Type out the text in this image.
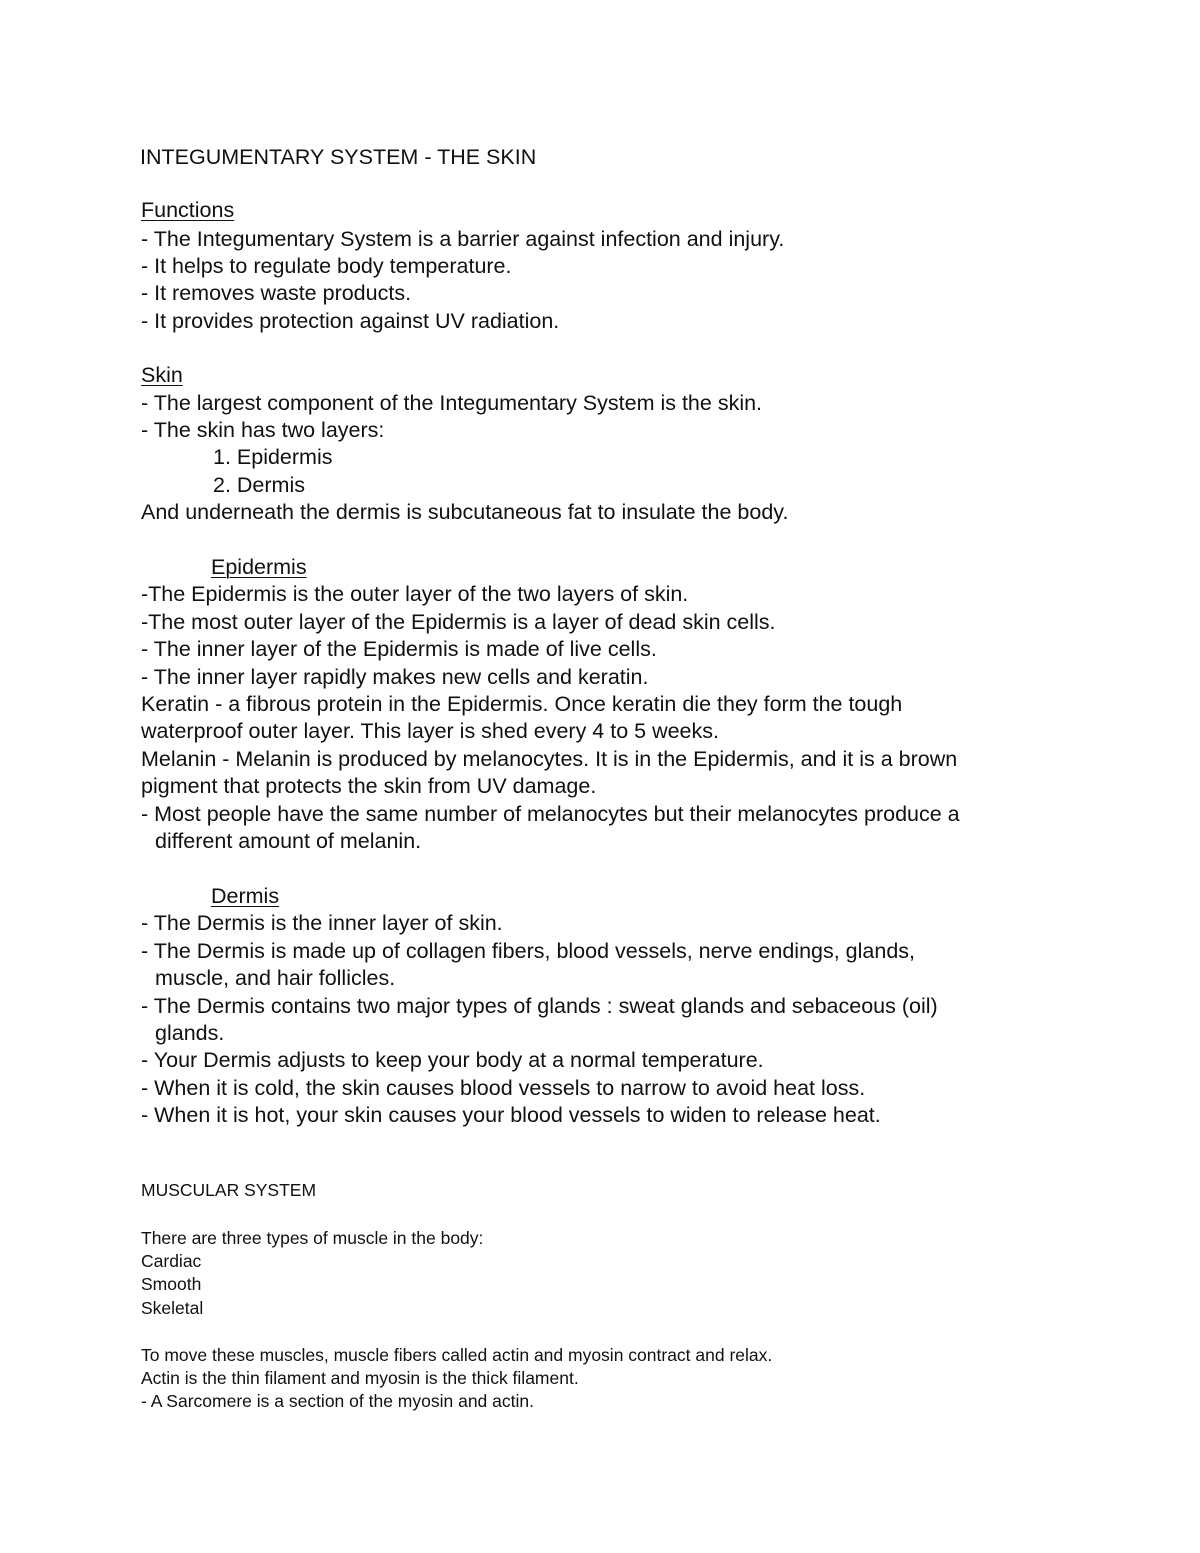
INTEGUMENTARY SYSTEM - THE SKIN
Functions
- The Integumentary System is a barrier against infection and injury.
- It helps to regulate body temperature.
- It removes waste products.
- It provides protection against UV radiation.
Skin
- The largest component of the Integumentary System is the skin.
- The skin has two layers:
1. Epidermis
2. Dermis
And underneath the dermis is subcutaneous fat to insulate the body.
Epidermis
-The Epidermis is the outer layer of the two layers of skin.
-The most outer layer of the Epidermis is a layer of dead skin cells.
- The inner layer of the Epidermis is made of live cells.
- The inner layer rapidly makes new cells and keratin.
Keratin - a fibrous protein in the Epidermis. Once keratin die they form the tough
waterproof outer layer. This layer is shed every 4 to 5 weeks.
Melanin - Melanin is produced by melanocytes. It is in the Epidermis, and it is a brown
pigment that protects the skin from UV damage.
- Most people have the same number of melanocytes but their melanocytes produce a
different amount of melanin.
Dermis
- The Dermis is the inner layer of skin.
- The Dermis is made up of collagen fibers, blood vessels, nerve endings, glands,
muscle, and hair follicles.
- The Dermis contains two major types of glands : sweat glands and sebaceous (oil)
glands.
- Your Dermis adjusts to keep your body at a normal temperature.
- When it is cold, the skin causes blood vessels to narrow to avoid heat loss.
- When it is hot, your skin causes your blood vessels to widen to release heat.
MUSCULAR SYSTEM
There are three types of muscle in the body:
Cardiac
Smooth
Skeletal
To move these muscles, muscle fibers called actin and myosin contract and relax.
Actin is the thin filament and myosin is the thick filament.
- A Sarcomere is a section of the myosin and actin.
